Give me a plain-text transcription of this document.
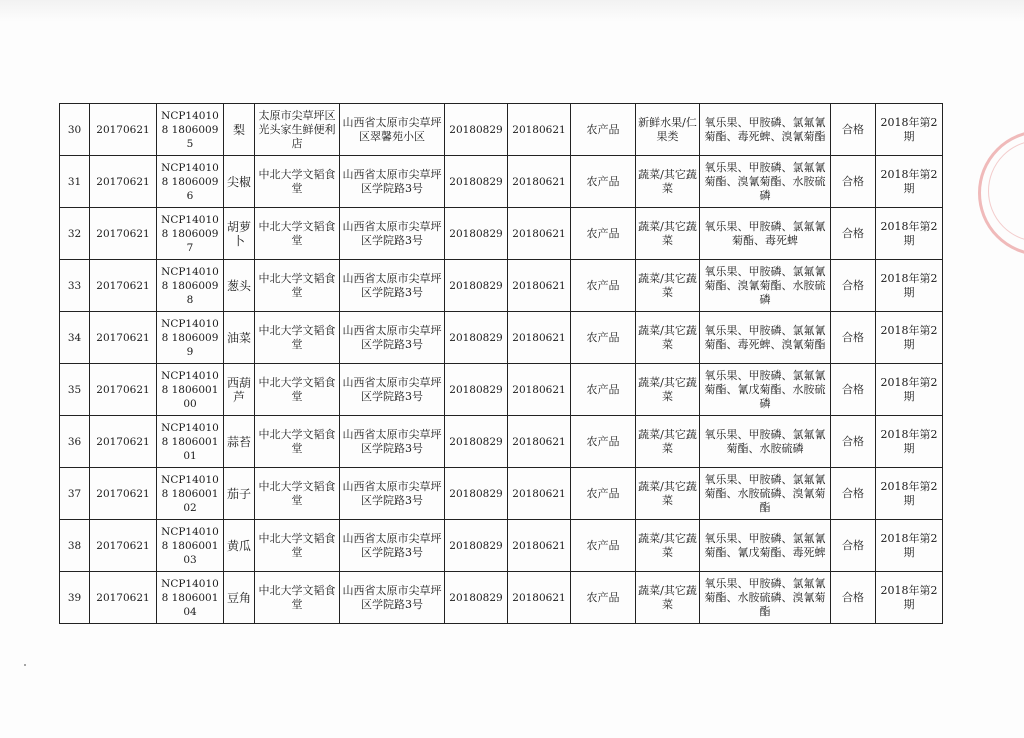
30	20170621	NCP140108 18060095	梨	太原市尖草坪区光头家生鲜便利店	山西省太原市尖草坪区翠馨苑小区	20180829	20180621	农产品	新鲜水果/仁果类	氧乐果、甲胺磷、氯氟氰菊酯、毒死蜱、溴氰菊酯	合格	2018年第2期
31	20170621	NCP140108 18060096	尖椒	中北大学文韬食堂	山西省太原市尖草坪区学院路3号	20180829	20180621	农产品	蔬菜/其它蔬菜	氧乐果、甲胺磷、氯氟氰菊酯、溴氰菊酯、水胺硫磷	合格	2018年第2期
32	20170621	NCP140108 18060097	胡萝卜	中北大学文韬食堂	山西省太原市尖草坪区学院路3号	20180829	20180621	农产品	蔬菜/其它蔬菜	氧乐果、甲胺磷、氯氟氰菊酯、毒死蜱	合格	2018年第2期
33	20170621	NCP140108 18060098	葱头	中北大学文韬食堂	山西省太原市尖草坪区学院路3号	20180829	20180621	农产品	蔬菜/其它蔬菜	氧乐果、甲胺磷、氯氟氰菊酯、溴氰菊酯、水胺硫磷	合格	2018年第2期
34	20170621	NCP140108 18060099	油菜	中北大学文韬食堂	山西省太原市尖草坪区学院路3号	20180829	20180621	农产品	蔬菜/其它蔬菜	氧乐果、甲胺磷、氯氟氰菊酯、毒死蜱、溴氰菊酯	合格	2018年第2期
35	20170621	NCP140108 180600100	西葫芦	中北大学文韬食堂	山西省太原市尖草坪区学院路3号	20180829	20180621	农产品	蔬菜/其它蔬菜	氧乐果、甲胺磷、氯氟氰菊酯、氰戊菊酯、水胺硫磷	合格	2018年第2期
36	20170621	NCP140108 180600101	蒜苔	中北大学文韬食堂	山西省太原市尖草坪区学院路3号	20180829	20180621	农产品	蔬菜/其它蔬菜	氧乐果、甲胺磷、氯氟氰菊酯、水胺硫磷	合格	2018年第2期
37	20170621	NCP140108 180600102	茄子	中北大学文韬食堂	山西省太原市尖草坪区学院路3号	20180829	20180621	农产品	蔬菜/其它蔬菜	氧乐果、甲胺磷、氯氟氰菊酯、水胺硫磷、溴氰菊酯	合格	2018年第2期
38	20170621	NCP140108 180600103	黄瓜	中北大学文韬食堂	山西省太原市尖草坪区学院路3号	20180829	20180621	农产品	蔬菜/其它蔬菜	氧乐果、甲胺磷、氯氟氰菊酯、氰戊菊酯、毒死蜱	合格	2018年第2期
39	20170621	NCP140108 180600104	豆角	中北大学文韬食堂	山西省太原市尖草坪区学院路3号	20180829	20180621	农产品	蔬菜/其它蔬菜	氧乐果、甲胺磷、氯氟氰菊酯、水胺硫磷、溴氰菊酯	合格	2018年第2期
